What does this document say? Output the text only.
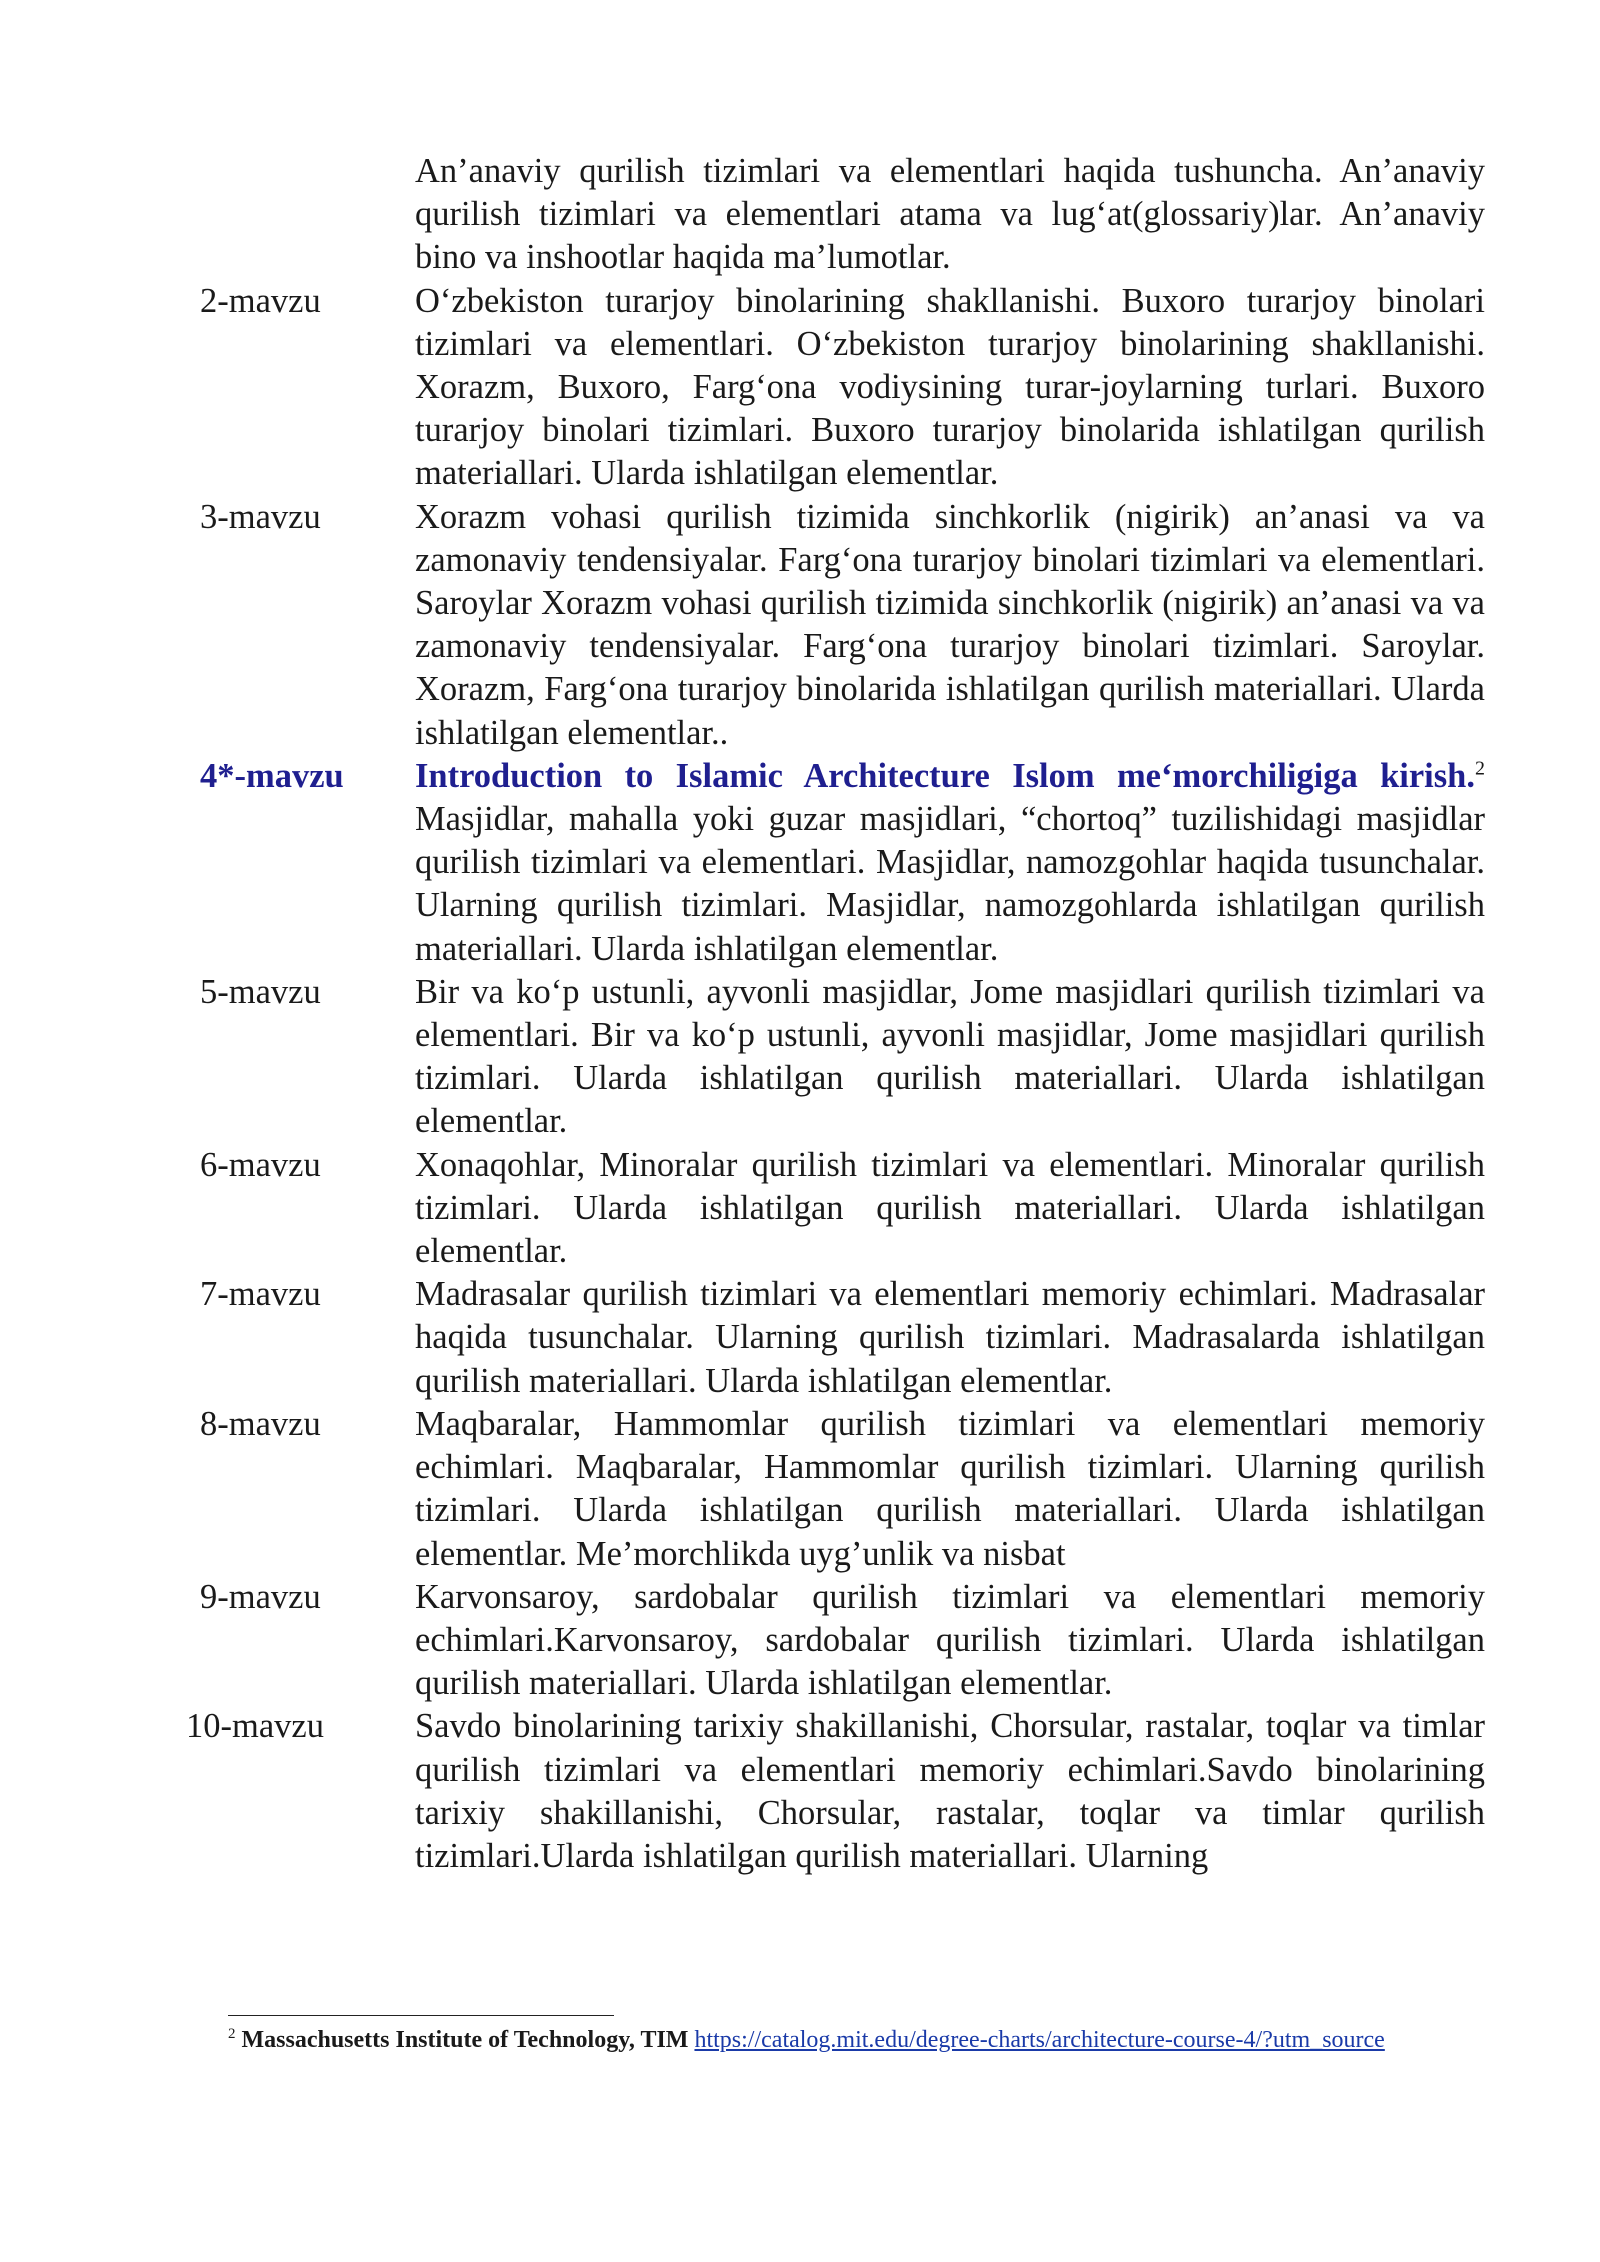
An’anaviy qurilish tizimlari va elementlari haqida tushuncha. An’anaviy qurilish tizimlari va elementlari atama va lug‘at(glossariy)lar. An’anaviy bino va inshootlar haqida ma’lumotlar.
2-mavzu	O‘zbekiston turarjoy binolarining shakllanishi. Buxoro turarjoy binolari tizimlari va elementlari. O‘zbekiston turarjoy binolarining shakllanishi. Xorazm, Buxoro, Farg‘ona vodiysining turar-joylarning turlari. Buxoro turarjoy binolari tizimlari. Buxoro turarjoy binolarida ishlatilgan qurilish materiallari. Ularda ishlatilgan elementlar.
3-mavzu	Xorazm vohasi qurilish tizimida sinchkorlik (nigirik) an’anasi va va zamonaviy tendensiyalar. Farg‘ona turarjoy binolari tizimlari va elementlari. Saroylar Xorazm vohasi qurilish tizimida sinchkorlik (nigirik) an’anasi va va zamonaviy tendensiyalar. Farg‘ona turarjoy binolari tizimlari. Saroylar. Xorazm, Farg‘ona turarjoy binolarida ishlatilgan qurilish materiallari. Ularda ishlatilgan elementlar..
4*-mavzu	Introduction to Islamic Architecture Islom me‘morchiligiga kirish.$^2$ Masjidlar, mahalla yoki guzar masjidlari, “chortoq” tuzilishidagi masjidlar qurilish tizimlari va elementlari. Masjidlar, namozgohlar haqida tusunchalar. Ularning qurilish tizimlari. Masjidlar, namozgohlarda ishlatilgan qurilish materiallari. Ularda ishlatilgan elementlar.
5-mavzu	Bir va ko‘p ustunli, ayvonli masjidlar, Jome masjidlari qurilish tizimlari va elementlari. Bir va ko‘p ustunli, ayvonli masjidlar, Jome masjidlari qurilish tizimlari. Ularda ishlatilgan qurilish materiallari. Ularda ishlatilgan elementlar.
6-mavzu	Xonaqohlar, Minoralar qurilish tizimlari va elementlari. Minoralar qurilish tizimlari. Ularda ishlatilgan qurilish materiallari. Ularda ishlatilgan elementlar.
7-mavzu	Madrasalar qurilish tizimlari va elementlari memoriy echimlari. Madrasalar haqida tusunchalar. Ularning qurilish tizimlari. Madrasalarda ishlatilgan qurilish materiallari. Ularda ishlatilgan elementlar.
8-mavzu	Maqbaralar, Hammomlar qurilish tizimlari va elementlari memoriy echimlari. Maqbaralar, Hammomlar qurilish tizimlari. Ularning qurilish tizimlari. Ularda ishlatilgan qurilish materiallari. Ularda ishlatilgan elementlar. Me’morchlikda uyg’unlik va nisbat
9-mavzu	Karvonsaroy, sardobalar qurilish tizimlari va elementlari memoriy echimlari.Karvonsaroy, sardobalar qurilish tizimlari. Ularda ishlatilgan qurilish materiallari. Ularda ishlatilgan elementlar.
10-mavzu	Savdo binolarining tarixiy shakillanishi, Chorsular, rastalar, toqlar va timlar qurilish tizimlari va elementlari memoriy echimlari.Savdo binolarining tarixiy shakillanishi, Chorsular, rastalar, toqlar va timlar qurilish tizimlari.Ularda ishlatilgan qurilish materiallari. Ularning
$^2$ Massachusetts Institute of Technology, TIM https://catalog.mit.edu/degree-charts/architecture-course-4/?utm_source
